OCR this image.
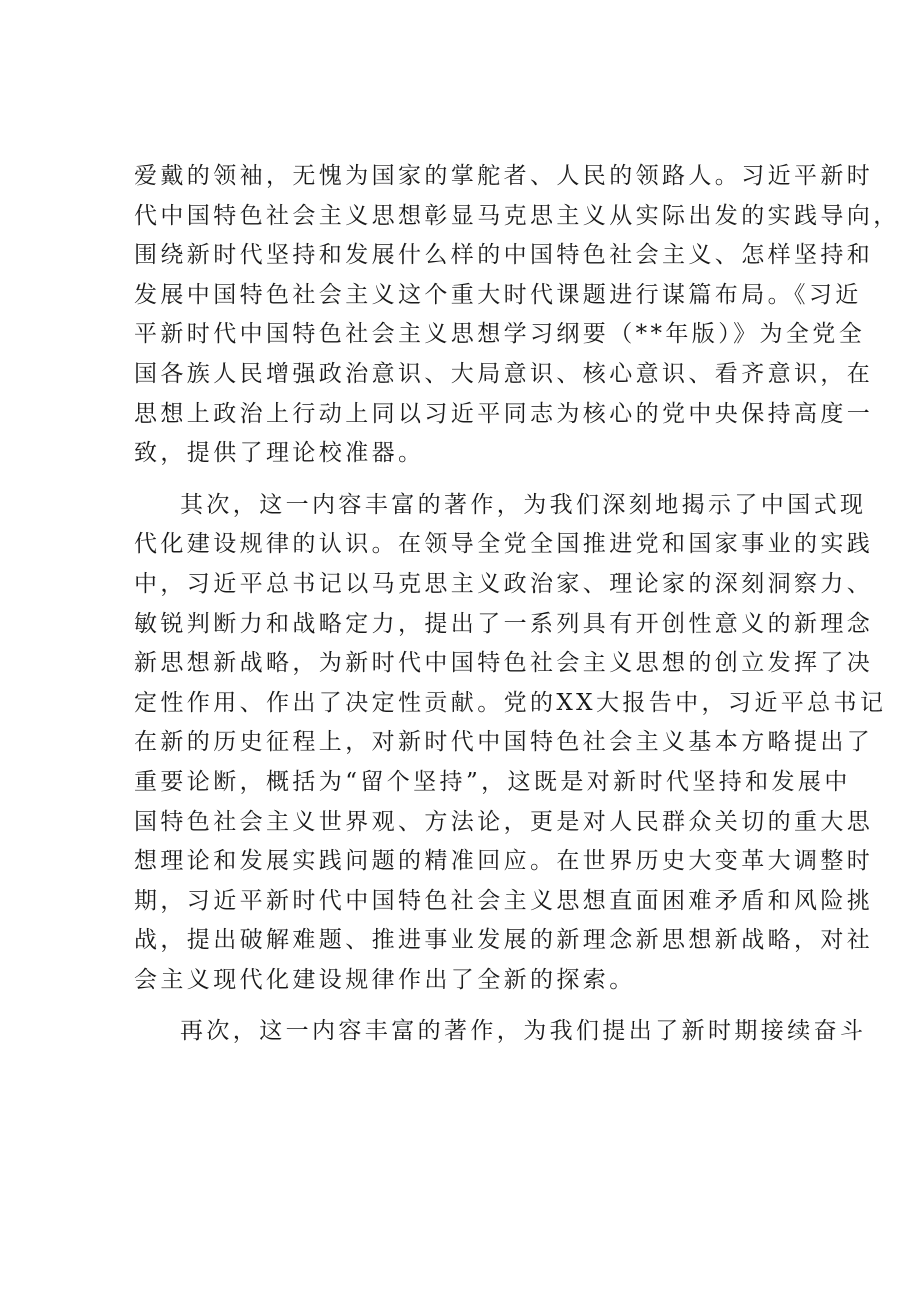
爱戴的领袖，无愧为国家的掌舵者、人民的领路人。习近平新时
代中国特色社会主义思想彰显马克思主义从实际出发的实践导向，
围绕新时代坚持和发展什么样的中国特色社会主义、怎样坚持和
发展中国特色社会主义这个重大时代课题进行谋篇布局。《习近
平新时代中国特色社会主义思想学习纲要（**年版）》为全党全
国各族人民增强政治意识、大局意识、核心意识、看齐意识，在
思想上政治上行动上同以习近平同志为核心的党中央保持高度一
致，提供了理论校准器。

其次，这一内容丰富的著作，为我们深刻地揭示了中国式现
代化建设规律的认识。在领导全党全国推进党和国家事业的实践
中，习近平总书记以马克思主义政治家、理论家的深刻洞察力、
敏锐判断力和战略定力，提出了一系列具有开创性意义的新理念
新思想新战略，为新时代中国特色社会主义思想的创立发挥了决
定性作用、作出了决定性贡献。党的XX大报告中，习近平总书记
在新的历史征程上，对新时代中国特色社会主义基本方略提出了
重要论断，概括为“留个坚持”，这既是对新时代坚持和发展中
国特色社会主义世界观、方法论，更是对人民群众关切的重大思
想理论和发展实践问题的精准回应。在世界历史大变革大调整时
期，习近平新时代中国特色社会主义思想直面困难矛盾和风险挑
战，提出破解难题、推进事业发展的新理念新思想新战略，对社
会主义现代化建设规律作出了全新的探索。

再次，这一内容丰富的著作，为我们提出了新时期接续奋斗
